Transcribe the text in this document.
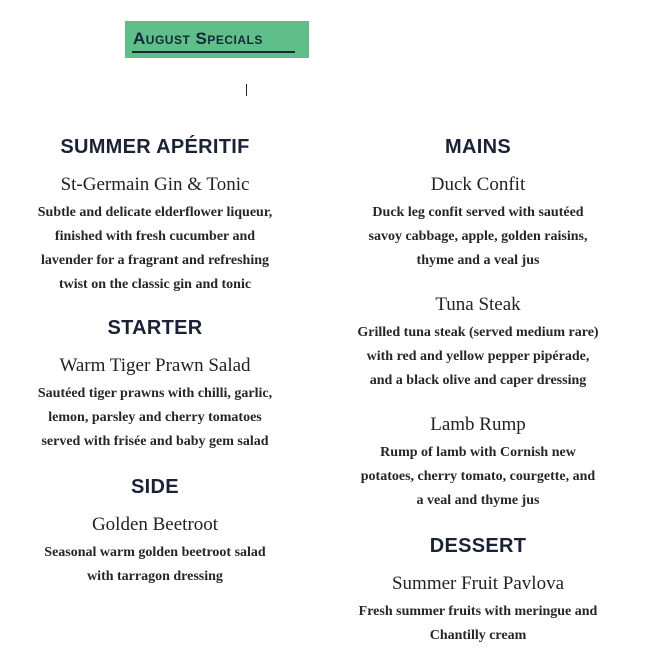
August Specials
SUMMER APÉRITIF
St-Germain Gin & Tonic
Subtle and delicate elderflower liqueur,
finished with fresh cucumber and
lavender for a fragrant and refreshing
twist on the classic gin and tonic
STARTER
Warm Tiger Prawn Salad
Sautéed tiger prawns with chilli, garlic,
lemon, parsley and cherry tomatoes
served with frisée and baby gem salad
SIDE
Golden Beetroot
Seasonal warm golden beetroot salad
with tarragon dressing
MAINS
Duck Confit
Duck leg confit served with sautéed
savoy cabbage, apple, golden raisins,
thyme and a veal jus
Tuna Steak
Grilled tuna steak (served medium rare)
with red and yellow pepper pipérade,
and a black olive and caper dressing
Lamb Rump
Rump of lamb with Cornish new
potatoes, cherry tomato, courgette, and
a veal and thyme jus
DESSERT
Summer Fruit Pavlova
Fresh summer fruits with meringue and
Chantilly cream
